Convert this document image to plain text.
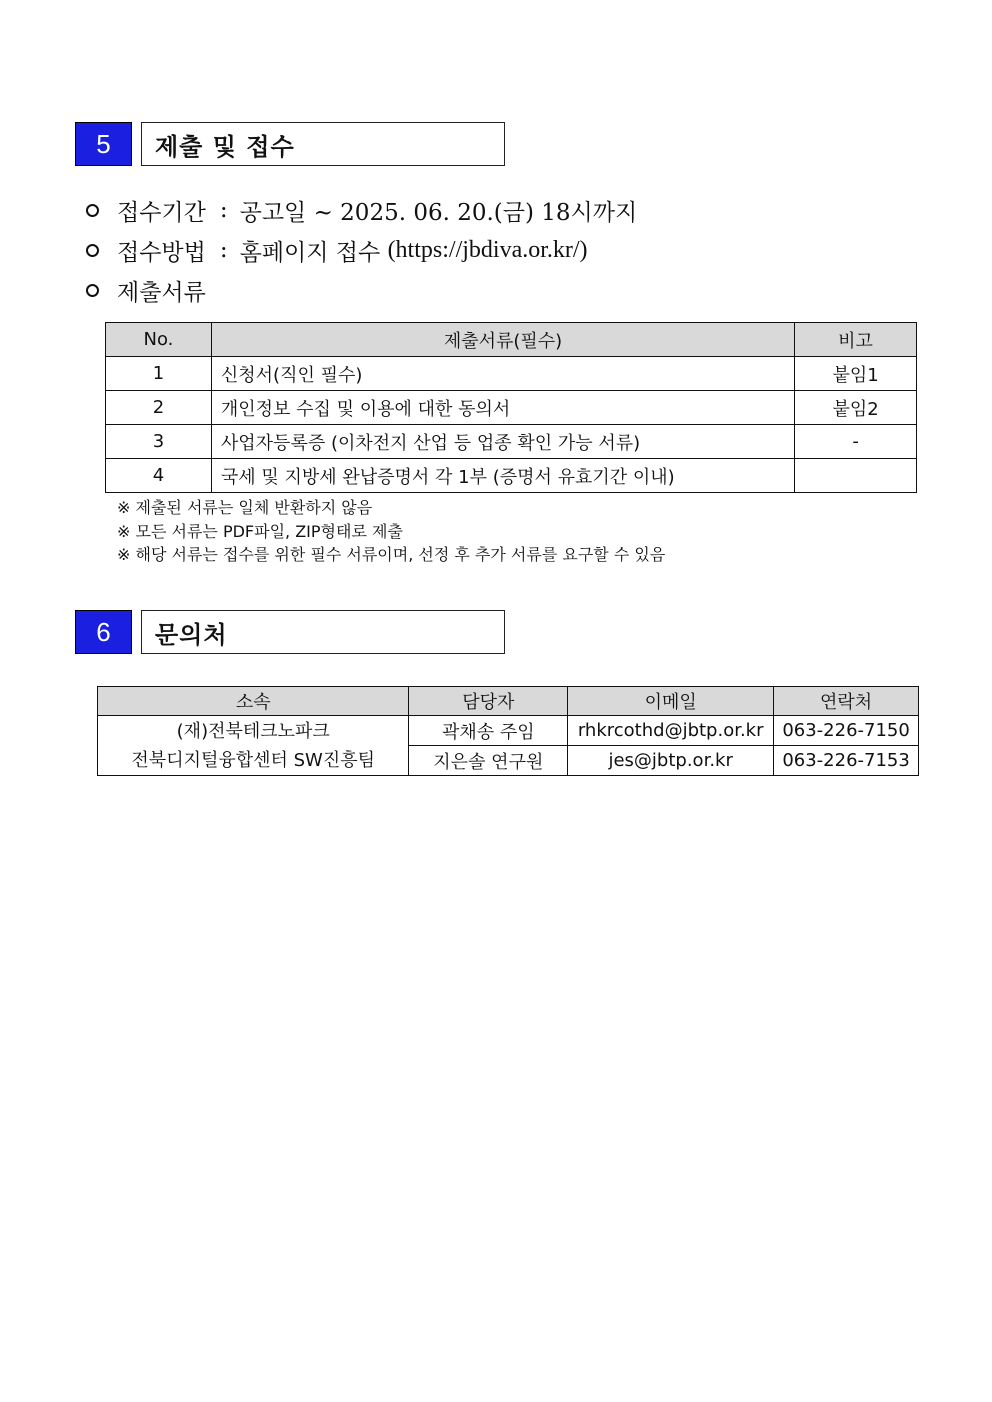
5	제출 및 접수
접수기간 : 공고일 ~ 2025. 06. 20.(금) 18시까지
접수방법 : 홈페이지 접수 (https://jbdiva.or.kr/)
제출서류
No.	제출서류(필수)	비고
1	신청서(직인 필수)	붙임1
2	개인정보 수집 및 이용에 대한 동의서	붙임2
3	사업자등록증 (이차전지 산업 등 업종 확인 가능 서류)	-
4	국세 및 지방세 완납증명서 각 1부 (증명서 유효기간 이내)	
※ 제출된 서류는 일체 반환하지 않음
※ 모든 서류는 PDF파일, ZIP형태로 제출
※ 해당 서류는 접수를 위한 필수 서류이며, 선정 후 추가 서류를 요구할 수 있음
6	문의처
소속	담당자	이메일	연락처

(재)전북테크노파크
전북디지털융합센터 SW진흥팀	곽채송 주임	rhkrcothd@jbtp.or.kr	063-226-7150
	지은솔 연구원	jes@jbtp.or.kr	063-226-7153
